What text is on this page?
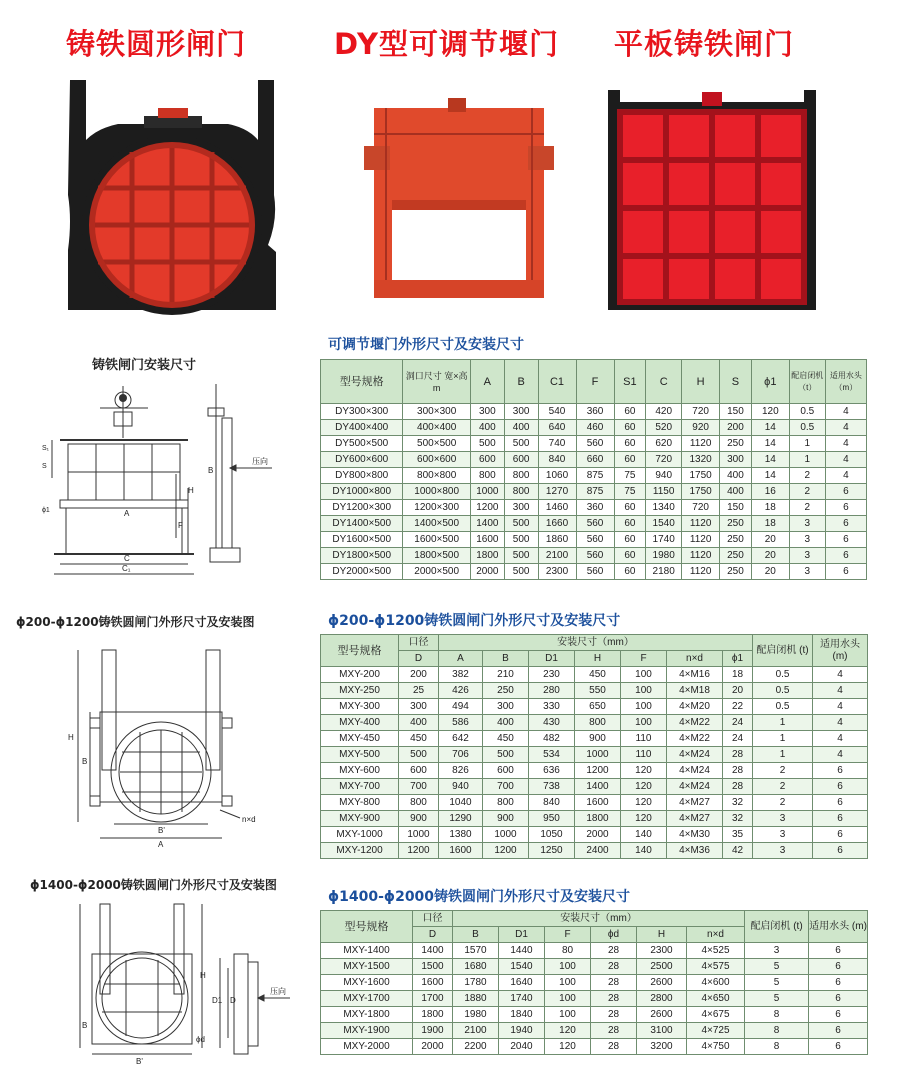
铸铁圆形闸门	DY型可调节堰门 平板铸铁闸门
铸铁闸门安装尺寸
A
C
C₁
H
F
S₁
S
ϕ1
B
压向
可调节堰门外形尺寸及安装尺寸
型号规格	洞口尺寸 宽×高 m	A	B	C1	F	S1	C	H	S	ϕ1	配启闭机（t）	适用水头（m）
DY300×300	300×300	300	300	540	360	60	420	720	150	120	0.5	4
DY400×400	400×400	400	400	640	460	60	520	920	200	14	0.5	4
DY500×500	500×500	500	500	740	560	60	620	1120	250	14	1	4
DY600×600	600×600	600	600	840	660	60	720	1320	300	14	1	4
DY800×800	800×800	800	800	1060	875	75	940	1750	400	14	2	4
DY1000×800	1000×800	1000	800	1270	875	75	1150	1750	400	16	2	6
DY1200×300	1200×300	1200	300	1460	360	60	1340	720	150	18	2	6
DY1400×500	1400×500	1400	500	1660	560	60	1540	1120	250	18	3	6
DY1600×500	1600×500	1600	500	1860	560	60	1740	1120	250	20	3	6
DY1800×500	1800×500	1800	500	2100	560	60	1980	1120	250	20	3	6
DY2000×500	2000×500	2000	500	2300	560	60	2180	1120	250	20	3	6
ϕ200-ϕ1200铸铁圆闸门外形尺寸及安装图
H
B
B'
A
n×d
ϕ200-ϕ1200铸铁圆闸门外形尺寸及安装尺寸
型号规格	口径	安装尺寸（mm）							配启闭机 (t)	适用水头 (m)
	D	A	B	D1	H	F	n×d	ϕ1		
MXY-200	200	382	210	230	450	100	4×M16	18	0.5	4
MXY-250	25	426	250	280	550	100	4×M18	20	0.5	4
MXY-300	300	494	300	330	650	100	4×M20	22	0.5	4
MXY-400	400	586	400	430	800	100	4×M22	24	1	4
MXY-450	450	642	450	482	900	110	4×M22	24	1	4
MXY-500	500	706	500	534	1000	110	4×M24	28	1	4
MXY-600	600	826	600	636	1200	120	4×M24	28	2	6
MXY-700	700	940	700	738	1400	120	4×M24	28	2	6
MXY-800	800	1040	800	840	1600	120	4×M27	32	2	6
MXY-900	900	1290	900	950	1800	120	4×M27	32	3	6
MXY-1000	1000	1380	1000	1050	2000	140	4×M30	35	3	6
MXY-1200	1200	1600	1200	1250	2400	140	4×M36	42	3	6
ϕ1400-ϕ2000铸铁圆闸门外形尺寸及安装图
H
B
B'
D
D1
ϕd
压向
ϕ1400-ϕ2000铸铁圆闸门外形尺寸及安装尺寸
型号规格	口径	安装尺寸（mm）						配启闭机 (t)	适用水头 (m)
	D	B	D1	F	ϕd	H	n×d		
MXY-1400	1400	1570	1440	80	28	2300	4×525	3	6
MXY-1500	1500	1680	1540	100	28	2500	4×575	5	6
MXY-1600	1600	1780	1640	100	28	2600	4×600	5	6
MXY-1700	1700	1880	1740	100	28	2800	4×650	5	6
MXY-1800	1800	1980	1840	100	28	2600	4×675	8	6
MXY-1900	1900	2100	1940	120	28	3100	4×725	8	6
MXY-2000	2000	2200	2040	120	28	3200	4×750	8	6
